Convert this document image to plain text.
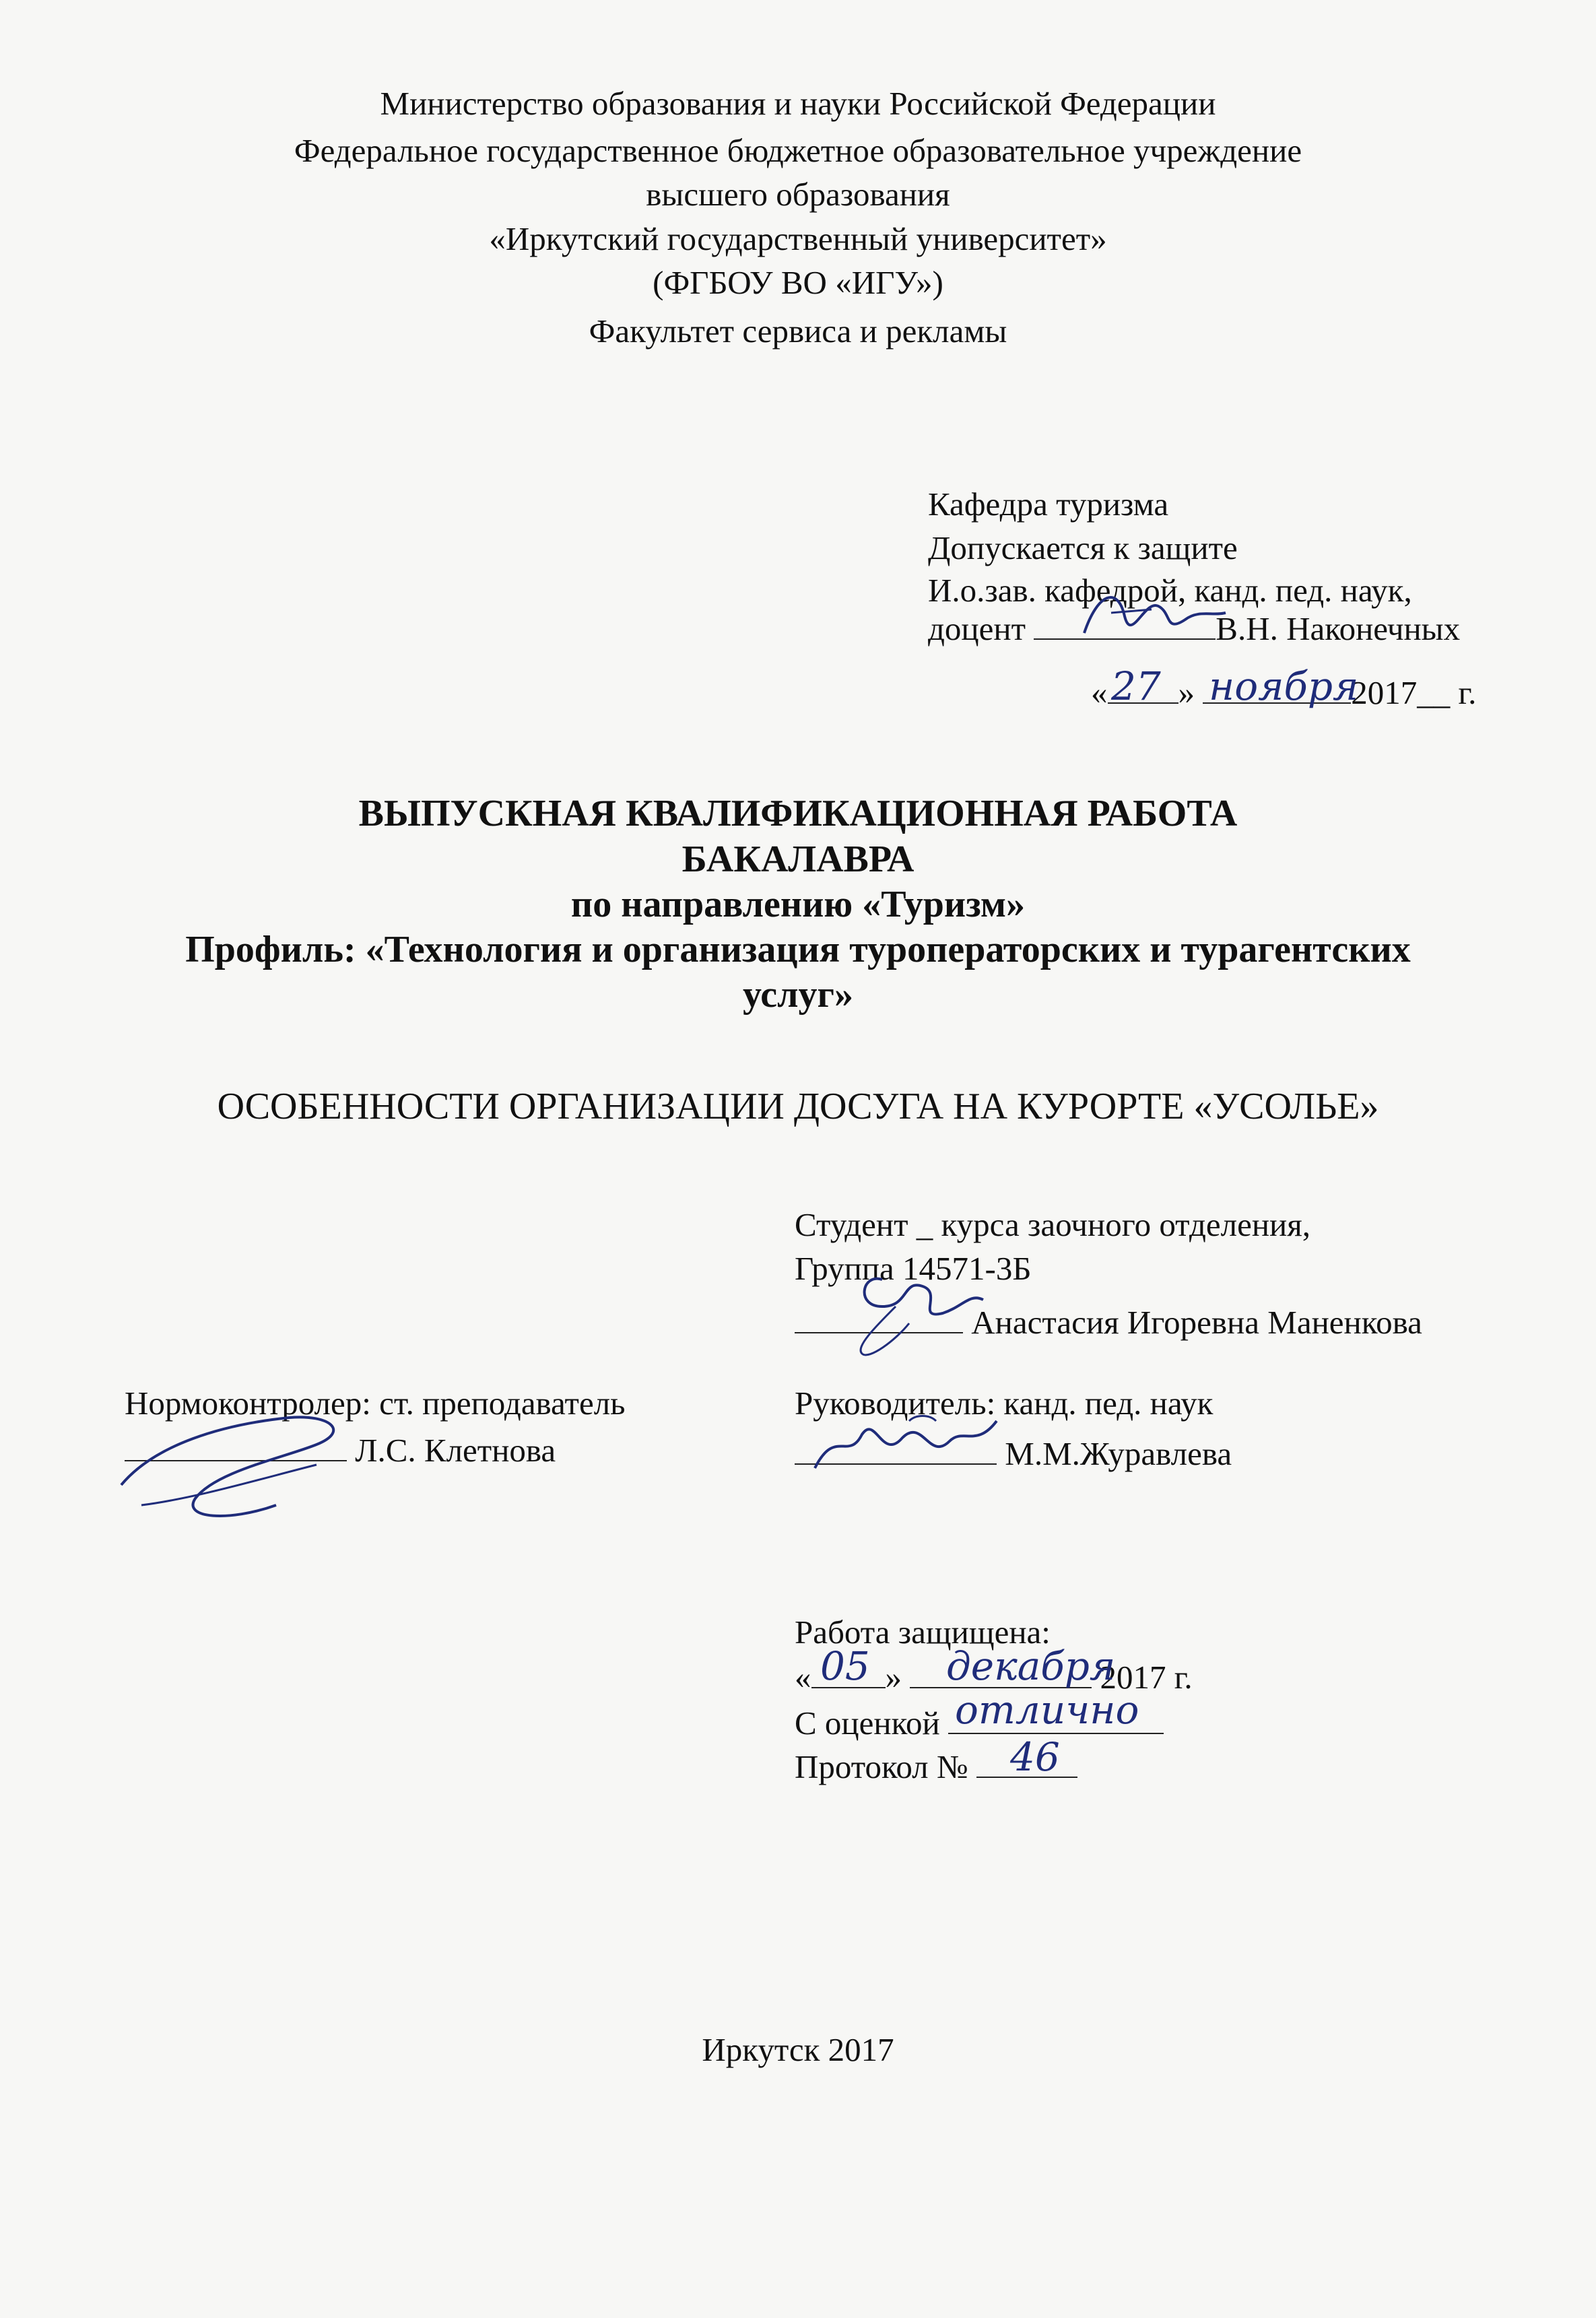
Министерство образования и науки Российской Федерации
Федеральное государственное бюджетное образовательное учреждение
высшего образования
«Иркутский государственный университет»
(ФГБОУ ВО «ИГУ»)
Факультет сервиса и рекламы
Кафедра туризма
Допускается к защите
И.о.зав. кафедрой, канд. пед. наук,
доцент	В.Н. Наконечных
« »	2017__ г.
27 ноября
ВЫПУСКНАЯ КВАЛИФИКАЦИОННАЯ РАБОТА
БАКАЛАВРА
по направлению «Туризм»
Профиль: «Технология и организация туроператорских и турагентских
услуг»
ОСОБЕННОСТИ ОРГАНИЗАЦИИ ДОСУГА НА КУРОРТЕ «УСОЛЬЕ»
Студент _ курса заочного отделения,
Группа 14571-3Б
Анастасия Игоревна Маненкова
Нормоконтролер: ст. преподаватель
Л.С. Клетнова
Руководитель: канд. пед. наук
М.М.Журавлева
Работа защищена:
« »	2017 г.
05 декабря
С оценкой отлично
Протокол №	46
Иркутск 2017
